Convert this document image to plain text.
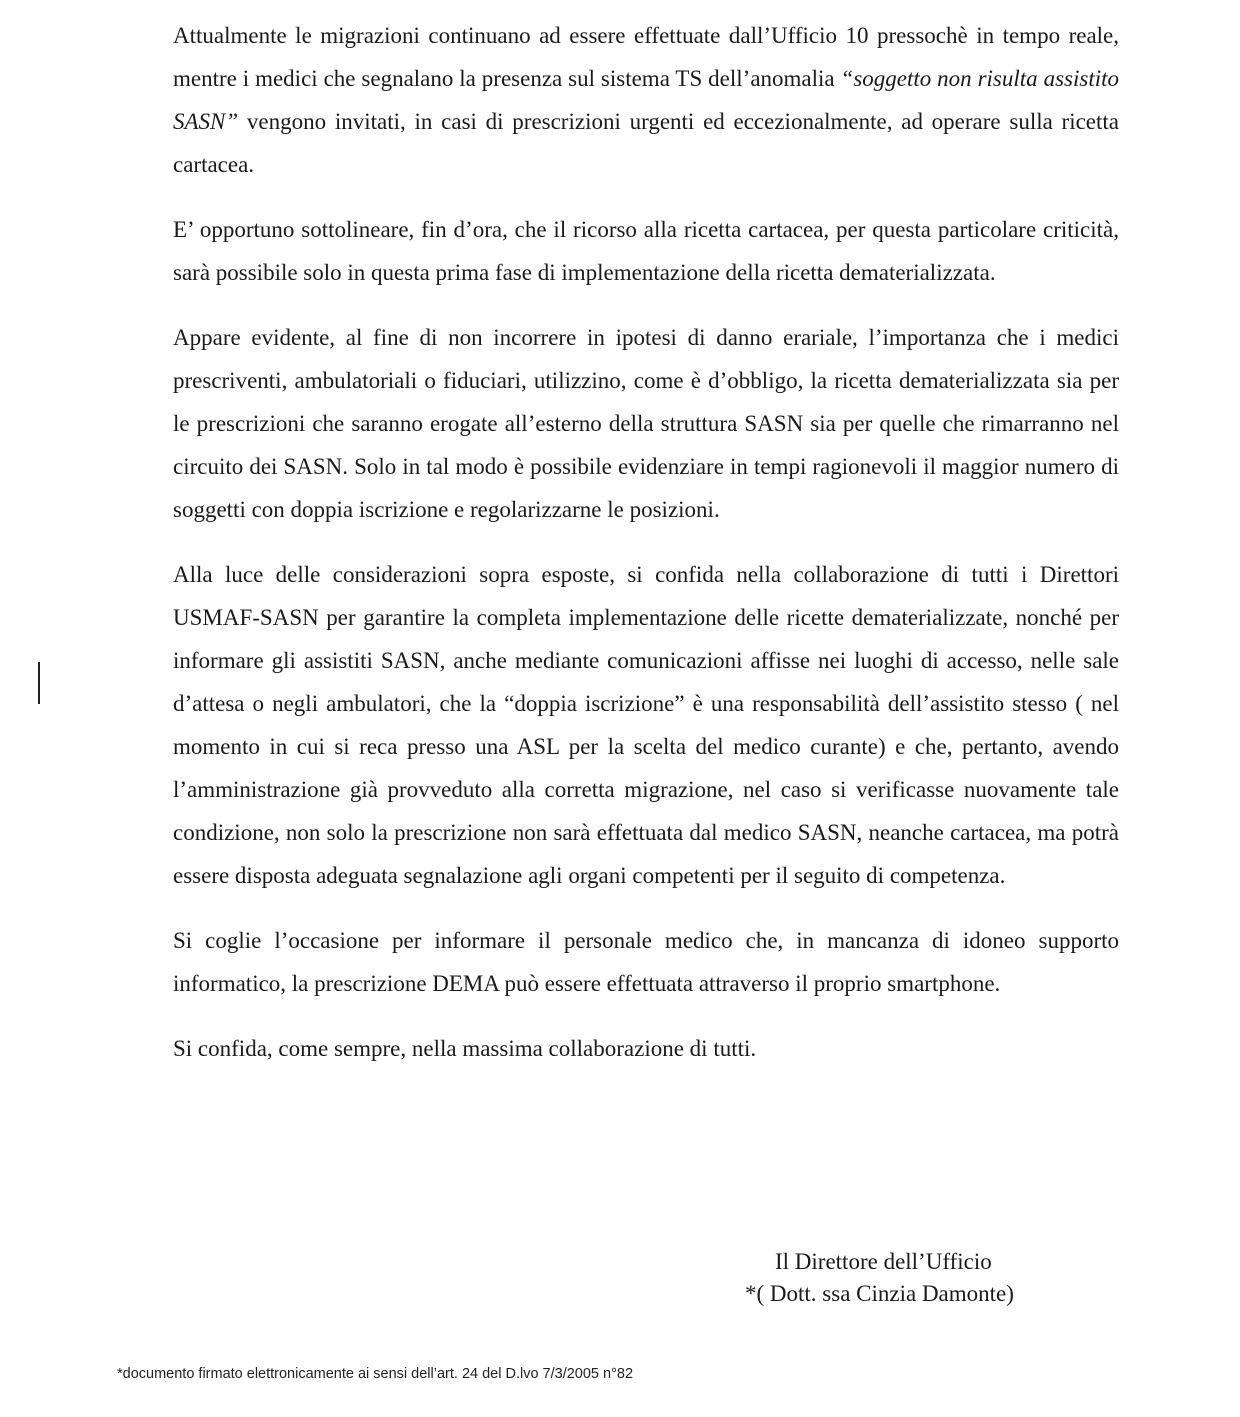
Attualmente le migrazioni continuano ad essere effettuate dall’Ufficio 10 pressochè in tempo reale, mentre i medici che segnalano la presenza sul sistema TS dell’anomalia “soggetto non risulta assistito SASN” vengono invitati, in casi di prescrizioni urgenti ed eccezionalmente, ad operare sulla ricetta cartacea.

E’ opportuno sottolineare, fin d’ora, che il ricorso alla ricetta cartacea, per questa particolare criticità, sarà possibile solo in questa prima fase di implementazione della ricetta dematerializzata.

Appare evidente, al fine di non incorrere in ipotesi di danno erariale, l’importanza che i medici prescriventi, ambulatoriali o fiduciari, utilizzino, come è d’obbligo, la ricetta dematerializzata sia per le prescrizioni che saranno erogate all’esterno della struttura SASN sia per quelle che rimarranno nel circuito dei SASN. Solo in tal modo è possibile evidenziare in tempi ragionevoli il maggior numero di soggetti con doppia iscrizione e regolarizzarne le posizioni.

Alla luce delle considerazioni sopra esposte, si confida nella collaborazione di tutti i Direttori USMAF-SASN per garantire la completa implementazione delle ricette dematerializzate, nonché per informare gli assistiti SASN, anche mediante comunicazioni affisse nei luoghi di accesso, nelle sale d’attesa o negli ambulatori, che la “doppia iscrizione” è una responsabilità dell’assistito stesso ( nel momento in cui si reca presso una ASL per la scelta del medico curante) e che, pertanto, avendo l’amministrazione già provveduto alla corretta migrazione, nel caso si verificasse nuovamente tale condizione, non solo la prescrizione non sarà effettuata dal medico SASN, neanche cartacea, ma potrà essere disposta adeguata segnalazione agli organi competenti per il seguito di competenza.

Si coglie l’occasione per informare il personale medico che, in mancanza di idoneo supporto informatico, la prescrizione DEMA può essere effettuata attraverso il proprio smartphone.

Si confida, come sempre, nella massima collaborazione di tutti.

Il Direttore dell’Ufficio
*( Dott. ssa Cinzia Damonte)
*documento firmato elettronicamente ai sensi dell’art. 24 del D.lvo 7/3/2005 n°82
